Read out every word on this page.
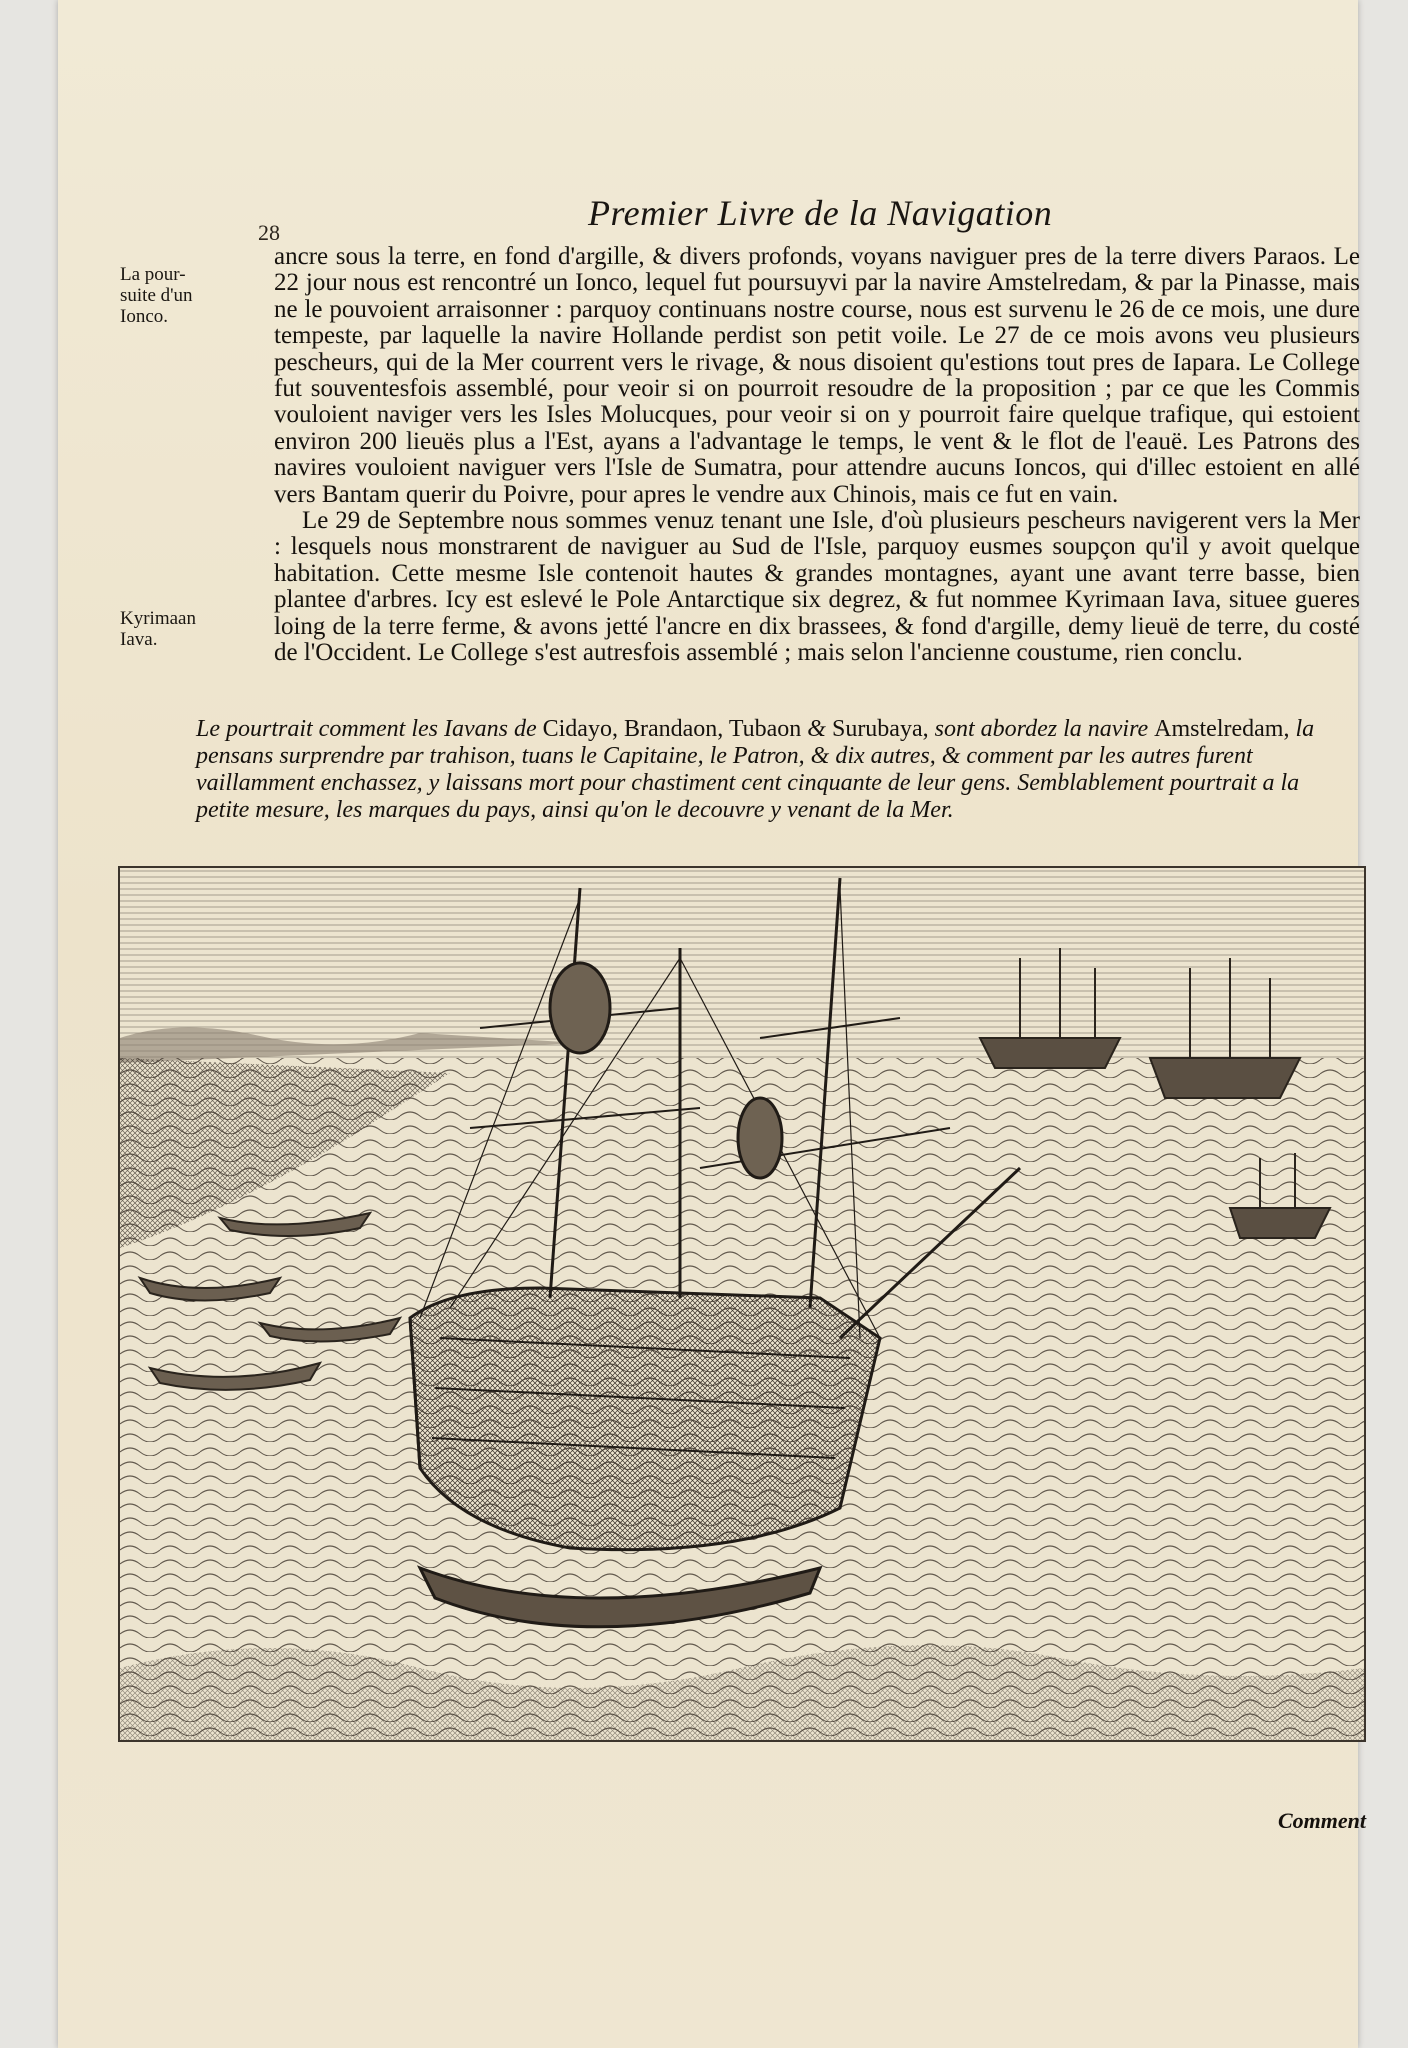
28	Premier Livre de la Navigation
La pour-
suite d'un
Ionco.
Kyrimaan
Iava.

ancre sous la terre, en fond d'argille, & divers profonds, voyans naviguer pres de la terre divers Paraos. Le 22 jour nous est rencontré un Ionco, lequel fut poursuyvi par la navire Amstelredam, & par la Pinasse, mais ne le pouvoient arraisonner : parquoy continuans nostre course, nous est survenu le 26 de ce mois, une dure tempeste, par laquelle la navire Hollande perdist son petit voile. Le 27 de ce mois avons veu plusieurs pescheurs, qui de la Mer courrent vers le rivage, & nous disoient qu'estions tout pres de Iapara. Le College fut souventesfois assemblé, pour veoir si on pourroit resoudre de la proposition ; par ce que les Commis vouloient naviger vers les Isles Molucques, pour veoir si on y pourroit faire quelque trafique, qui estoient environ 200 lieuës plus a l'Est, ayans a l'advantage le temps, le vent & le flot de l'eauë. Les Patrons des navires vouloient naviguer vers l'Isle de Sumatra, pour attendre aucuns Ioncos, qui d'illec estoient en allé vers Bantam querir du Poivre, pour apres le vendre aux Chinois, mais ce fut en vain.

Le 29 de Septembre nous sommes venuz tenant une Isle, d'où plusieurs pescheurs navigerent vers la Mer : lesquels nous monstrarent de naviguer au Sud de l'Isle, parquoy eusmes soupçon qu'il y avoit quelque habitation. Cette mesme Isle contenoit hautes & grandes montagnes, ayant une avant terre basse, bien plantee d'arbres. Icy est eslevé le Pole Antarctique six degrez, & fut nommee Kyrimaan Iava, situee gueres loing de la terre ferme, & avons jetté l'ancre en dix brassees, & fond d'argille, demy lieuë de terre, du costé de l'Occident. Le College s'est autresfois assemblé ; mais selon l'ancienne coustume, rien conclu.

Le pourtrait comment les Iavans de Cidayo, Brandaon, Tubaon & Surubaya, sont abordez la navire Amstelredam, la pensans surprendre par trahison, tuans le Capitaine, le Patron, & dix autres, & comment par les autres furent vaillamment enchassez, y laissans mort pour chastiment cent cinquante de leur gens. Semblablement pourtrait a la petite mesure, les marques du pays, ainsi qu'on le decouvre y venant de la Mer.
Comment
